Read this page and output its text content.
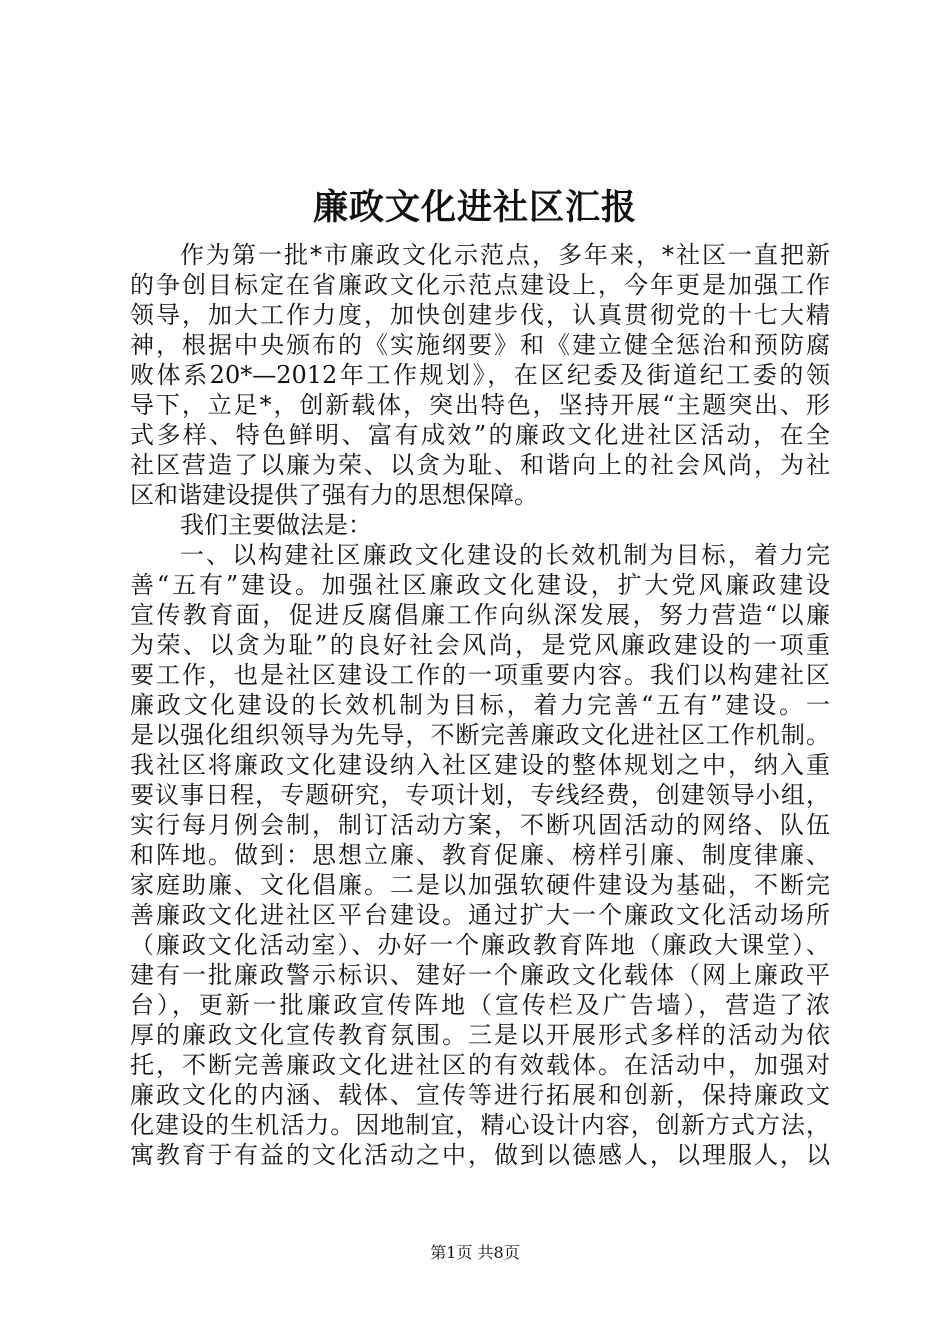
廉政文化进社区汇报
作为第一批*市廉政文化示范点，多年来，*社区一直把新
的争创目标定在省廉政文化示范点建设上，今年更是加强工作
领导，加大工作力度，加快创建步伐，认真贯彻党的十七大精
神，根据中央颁布的《实施纲要》和《建立健全惩治和预防腐
败体系20*—2012年工作规划》，在区纪委及街道纪工委的领
导下，立足*，创新载体，突出特色，坚持开展“主题突出、形
式多样、特色鲜明、富有成效”的廉政文化进社区活动，在全
社区营造了以廉为荣、以贪为耻、和谐向上的社会风尚，为社
区和谐建设提供了强有力的思想保障。
我们主要做法是：
一、以构建社区廉政文化建设的长效机制为目标，着力完
善“五有”建设。加强社区廉政文化建设，扩大党风廉政建设
宣传教育面，促进反腐倡廉工作向纵深发展，努力营造“以廉
为荣、以贪为耻”的良好社会风尚，是党风廉政建设的一项重
要工作，也是社区建设工作的一项重要内容。我们以构建社区
廉政文化建设的长效机制为目标，着力完善“五有”建设。一
是以强化组织领导为先导，不断完善廉政文化进社区工作机制。
我社区将廉政文化建设纳入社区建设的整体规划之中，纳入重
要议事日程，专题研究，专项计划，专线经费，创建领导小组，
实行每月例会制，制订活动方案，不断巩固活动的网络、队伍
和阵地。做到：思想立廉、教育促廉、榜样引廉、制度律廉、
家庭助廉、文化倡廉。二是以加强软硬件建设为基础，不断完
善廉政文化进社区平台建设。通过扩大一个廉政文化活动场所
（廉政文化活动室）、办好一个廉政教育阵地（廉政大课堂）、
建有一批廉政警示标识、建好一个廉政文化载体（网上廉政平
台），更新一批廉政宣传阵地（宣传栏及广告墙），营造了浓
厚的廉政文化宣传教育氛围。三是以开展形式多样的活动为依
托，不断完善廉政文化进社区的有效载体。在活动中，加强对
廉政文化的内涵、载体、宣传等进行拓展和创新，保持廉政文
化建设的生机活力。因地制宜，精心设计内容，创新方式方法，
寓教育于有益的文化活动之中，做到以德感人，以理服人，以
第1页 共8页
